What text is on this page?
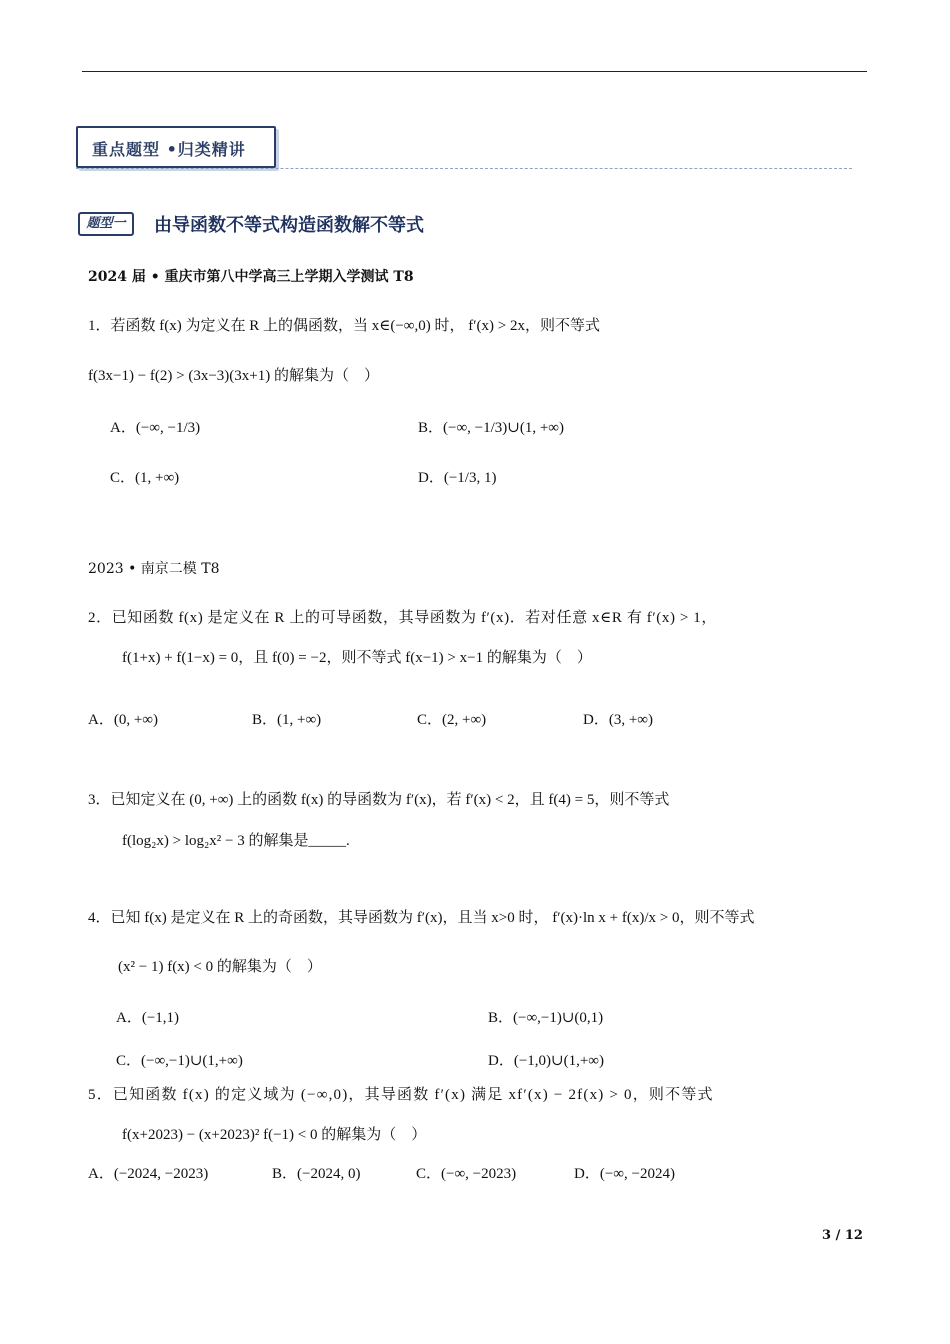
重点题型 •归类精讲
题型一	由导函数不等式构造函数解不等式
2024 届 • 重庆市第八中学高三上学期入学测试 T8
1．若函数 f(x) 为定义在 R 上的偶函数，当 x∈(−∞,0) 时， f′(x) > 2x，则不等式
f(3x−1) − f(2) > (3x−3)(3x+1) 的解集为（　）
A．(−∞, −1/3)	B．(−∞, −1/3)∪(1, +∞)
C．(1, +∞)	D．(−1/3, 1)
2023 • 南京二模 T8
2．已知函数 f(x) 是定义在 R 上的可导函数，其导函数为 f′(x)．若对任意 x∈R 有 f′(x) > 1，
f(1+x) + f(1−x) = 0，且 f(0) = −2，则不等式 f(x−1) > x−1 的解集为（　）
A．(0, +∞)	B．(1, +∞)	C．(2, +∞)	D．(3, +∞)
3．已知定义在 (0, +∞) 上的函数 f(x) 的导函数为 f′(x)，若 f′(x) < 2，且 f(4) = 5，则不等式
f(log₂x) > log₂x² − 3 的解集是_____.
4．已知 f(x) 是定义在 R 上的奇函数，其导函数为 f′(x)，且当 x>0 时， f′(x)·ln x + f(x)/x > 0，则不等式
(x² − 1) f(x) < 0 的解集为（　）
A．(−1,1)	B．(−∞,−1)∪(0,1)
C．(−∞,−1)∪(1,+∞)	D．(−1,0)∪(1,+∞)
5．已知函数 f(x) 的定义域为 (−∞,0)，其导函数 f′(x) 满足 xf′(x) − 2f(x) > 0，则不等式
f(x+2023) − (x+2023)² f(−1) < 0 的解集为（　）
A．(−2024, −2023)	B．(−2024, 0)	C．(−∞, −2023)	D．(−∞, −2024)
3 / 12
